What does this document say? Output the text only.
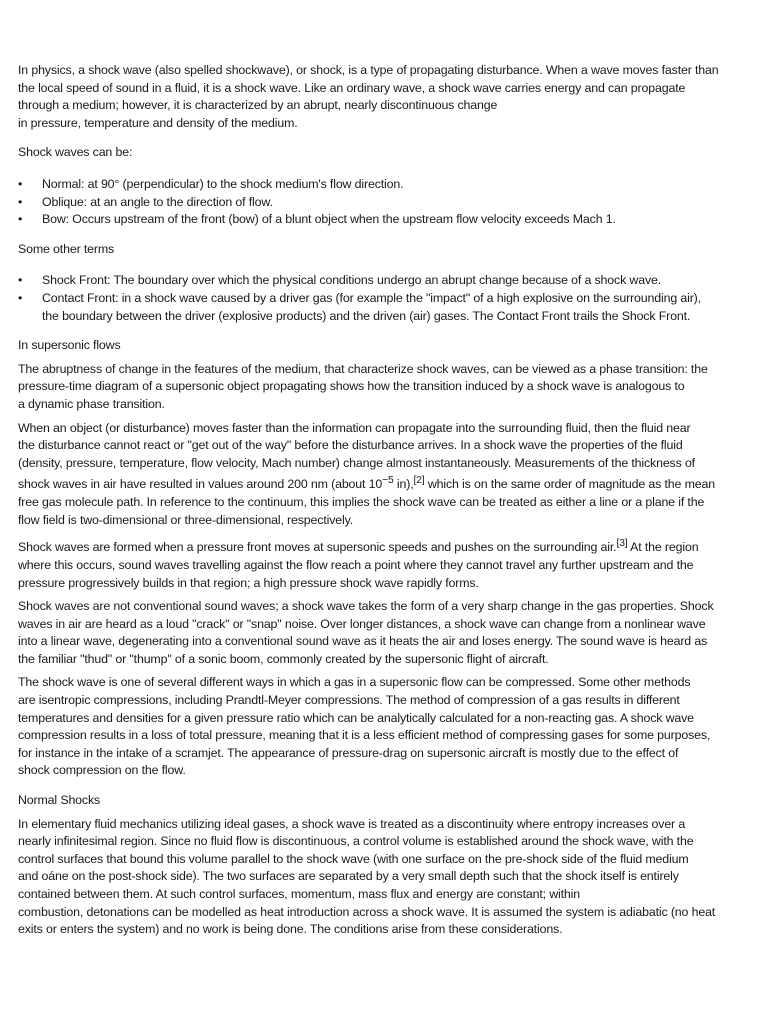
In physics, a shock wave (also spelled shockwave), or shock, is a type of propagating disturbance. When a wave moves faster than
the local speed of sound in a fluid, it is a shock wave. Like an ordinary wave, a shock wave carries energy and can propagate
through a medium; however, it is characterized by an abrupt, nearly discontinuous change
in pressure, temperature and density of the medium.

Shock waves can be:

• Normal: at 90° (perpendicular) to the shock medium's flow direction.
• Oblique: at an angle to the direction of flow.
• Bow: Occurs upstream of the front (bow) of a blunt object when the upstream flow velocity exceeds Mach 1.

Some other terms

• Shock Front: The boundary over which the physical conditions undergo an abrupt change because of a shock wave.
• Contact Front: in a shock wave caused by a driver gas (for example the "impact" of a high explosive on the surrounding air),
the boundary between the driver (explosive products) and the driven (air) gases. The Contact Front trails the Shock Front.

In supersonic flows

The abruptness of change in the features of the medium, that characterize shock waves, can be viewed as a phase transition: the
pressure-time diagram of a supersonic object propagating shows how the transition induced by a shock wave is analogous to
a dynamic phase transition.

When an object (or disturbance) moves faster than the information can propagate into the surrounding fluid, then the fluid near
the disturbance cannot react or "get out of the way" before the disturbance arrives. In a shock wave the properties of the fluid
(density, pressure, temperature, flow velocity, Mach number) change almost instantaneously. Measurements of the thickness of
shock waves in air have resulted in values around 200 nm (about $10^{-5}$ in),[2] which is on the same order of magnitude as the mean
free gas molecule path. In reference to the continuum, this implies the shock wave can be treated as either a line or a plane if the
flow field is two-dimensional or three-dimensional, respectively.

Shock waves are formed when a pressure front moves at supersonic speeds and pushes on the surrounding air.[3] At the region
where this occurs, sound waves travelling against the flow reach a point where they cannot travel any further upstream and the
pressure progressively builds in that region; a high pressure shock wave rapidly forms.

Shock waves are not conventional sound waves; a shock wave takes the form of a very sharp change in the gas properties. Shock
waves in air are heard as a loud "crack" or "snap" noise. Over longer distances, a shock wave can change from a nonlinear wave
into a linear wave, degenerating into a conventional sound wave as it heats the air and loses energy. The sound wave is heard as
the familiar "thud" or "thump" of a sonic boom, commonly created by the supersonic flight of aircraft.

The shock wave is one of several different ways in which a gas in a supersonic flow can be compressed. Some other methods
are isentropic compressions, including Prandtl-Meyer compressions. The method of compression of a gas results in different
temperatures and densities for a given pressure ratio which can be analytically calculated for a non-reacting gas. A shock wave
compression results in a loss of total pressure, meaning that it is a less efficient method of compressing gases for some purposes,
for instance in the intake of a scramjet. The appearance of pressure-drag on supersonic aircraft is mostly due to the effect of
shock compression on the flow.

Normal Shocks

In elementary fluid mechanics utilizing ideal gases, a shock wave is treated as a discontinuity where entropy increases over a
nearly infinitesimal region. Since no fluid flow is discontinuous, a control volume is established around the shock wave, with the
control surfaces that bound this volume parallel to the shock wave (with one surface on the pre-shock side of the fluid medium
and oáne on the post-shock side). The two surfaces are separated by a very small depth such that the shock itself is entirely
contained between them. At such control surfaces, momentum, mass flux and energy are constant; within
combustion, detonations can be modelled as heat introduction across a shock wave. It is assumed the system is adiabatic (no heat
exits or enters the system) and no work is being done. The conditions arise from these considerations.
